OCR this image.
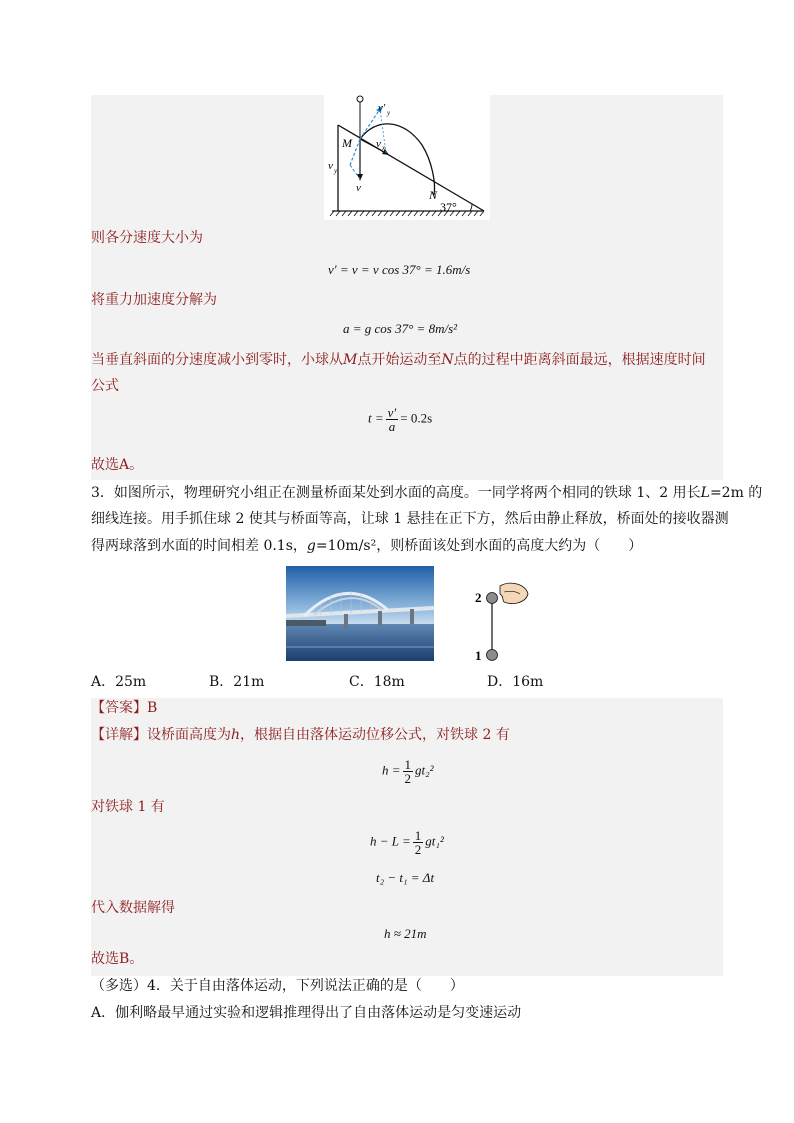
v′ y
M v x
v y
v	N
37°
则各分速度大小为
v′ = v = v cos 37° = 1.6m/s
将重力加速度分解为
a = g cos 37° = 8m/s²
当垂直斜面的分速度减小到零时，小球从M点开始运动至N点的过程中距离斜面最远，根据速度时间
公式
$t = \frac{v'}{a} = 0.2s$
故选A。
3．如图所示，物理研究小组正在测量桥面某处到水面的高度。一同学将两个相同的铁球 1、2 用长L=2m 的
细线连接。用手抓住球 2 使其与桥面等高，让球 1 悬挂在正下方，然后由静止释放，桥面处的接收器测
得两球落到水面的时间相差 0.1s，g=10m/s²，则桥面该处到水面的高度大约为（　　）
2
1
A．25m	B．21m	C．18m	D．16m
【答案】B
【详解】设桥面高度为h，根据自由落体运动位移公式，对铁球 2 有
$h = \frac{1}{2} gt_2^2$
对铁球 1 有
$h - L = \frac{1}{2} gt_1^2$
t₂ − t₁ = Δt
代入数据解得
h ≈ 21m
故选B。
（多选）4．关于自由落体运动，下列说法正确的是（　　）
A．伽利略最早通过实验和逻辑推理得出了自由落体运动是匀变速运动
